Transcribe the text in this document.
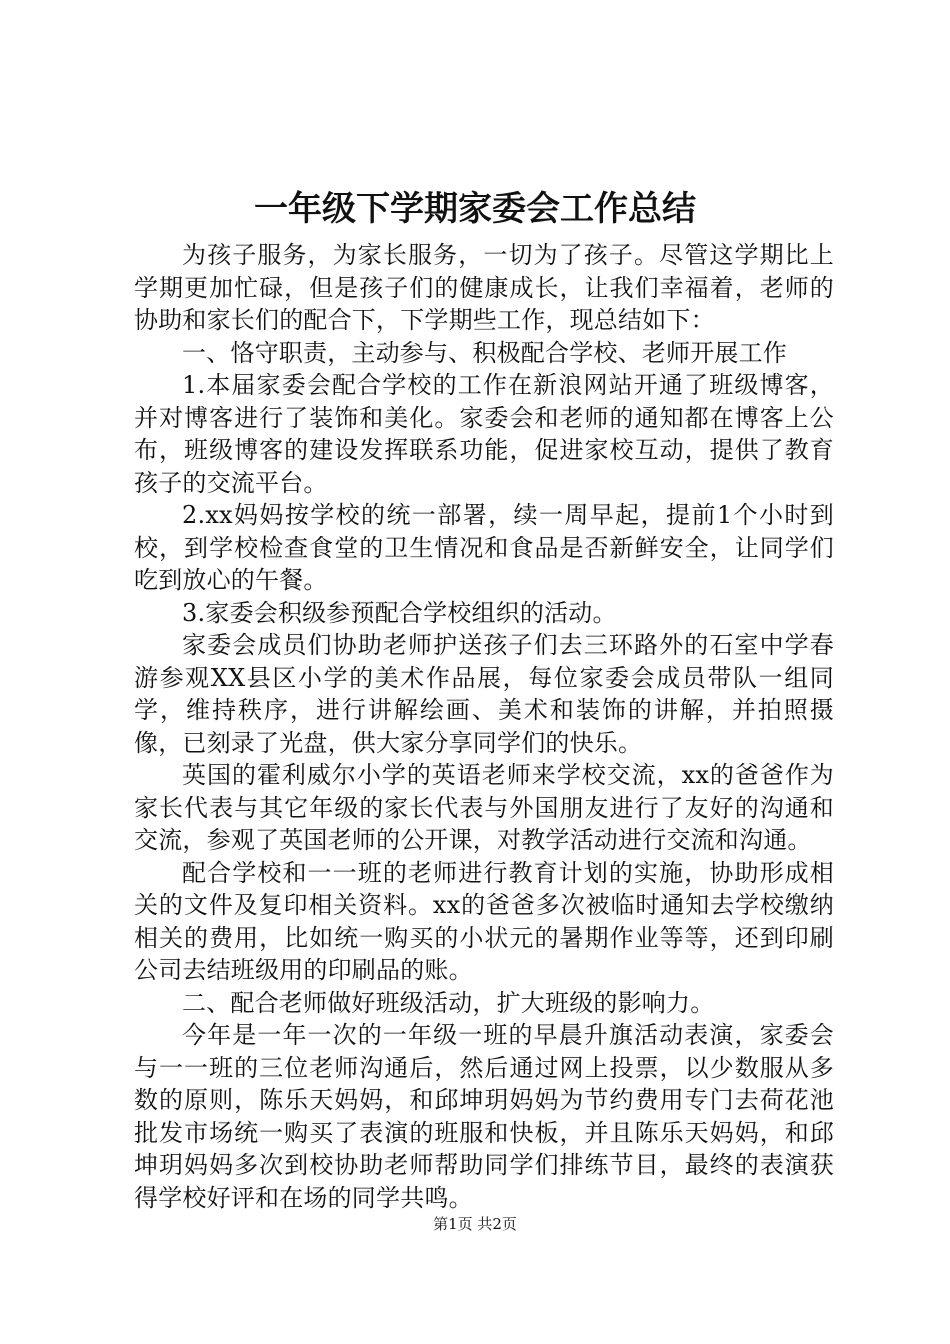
一年级下学期家委会工作总结

为孩子服务，为家长服务，一切为了孩子。尽管这学期比上学期更加忙碌，但是孩子们的健康成长，让我们幸福着，老师的协助和家长们的配合下，下学期些工作，现总结如下：

一、恪守职责，主动参与、积极配合学校、老师开展工作

1.本届家委会配合学校的工作在新浪网站开通了班级博客，并对博客进行了装饰和美化。家委会和老师的通知都在博客上公布，班级博客的建设发挥联系功能，促进家校互动，提供了教育孩子的交流平台。

2.xx妈妈按学校的统一部署，续一周早起，提前1个小时到校，到学校检查食堂的卫生情况和食品是否新鲜安全，让同学们吃到放心的午餐。

3.家委会积级参预配合学校组织的活动。

家委会成员们协助老师护送孩子们去三环路外的石室中学春游参观XX县区小学的美术作品展，每位家委会成员带队一组同学，维持秩序，进行讲解绘画、美术和装饰的讲解，并拍照摄像，已刻录了光盘，供大家分享同学们的快乐。

英国的霍利威尔小学的英语老师来学校交流，xx的爸爸作为家长代表与其它年级的家长代表与外国朋友进行了友好的沟通和交流，参观了英国老师的公开课，对教学活动进行交流和沟通。

配合学校和一一班的老师进行教育计划的实施，协助形成相关的文件及复印相关资料。xx的爸爸多次被临时通知去学校缴纳相关的费用，比如统一购买的小状元的暑期作业等等，还到印刷公司去结班级用的印刷品的账。

二、配合老师做好班级活动，扩大班级的影响力。

今年是一年一次的一年级一班的早晨升旗活动表演，家委会与一一班的三位老师沟通后，然后通过网上投票，以少数服从多数的原则，陈乐天妈妈，和邱坤玥妈妈为节约费用专门去荷花池批发市场统一购买了表演的班服和快板，并且陈乐天妈妈，和邱坤玥妈妈多次到校协助老师帮助同学们排练节目，最终的表演获得学校好评和在场的同学共鸣。

第1页 共2页
